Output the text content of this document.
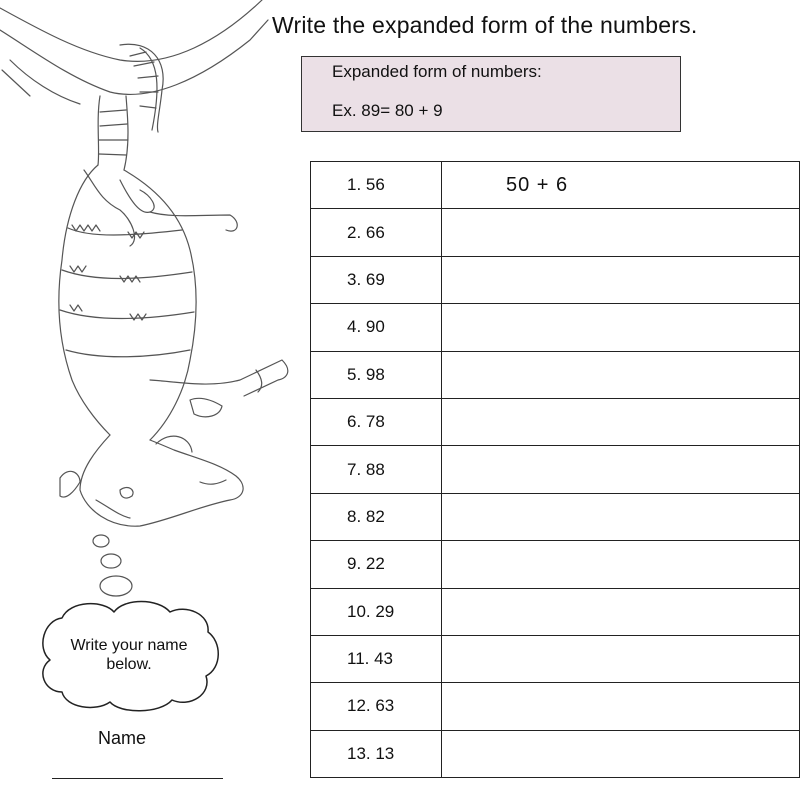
Write the expanded form of the numbers.
Expanded form of numbers:
Ex. 89= 80 + 9
1. 56	50 + 6
2. 66	
3. 69	
4. 90	
5. 98	
6. 78	
7. 88	
8. 82	
9. 22	
10. 29	
11. 43	
12. 63	
13. 13	
Write your name below.
Name
